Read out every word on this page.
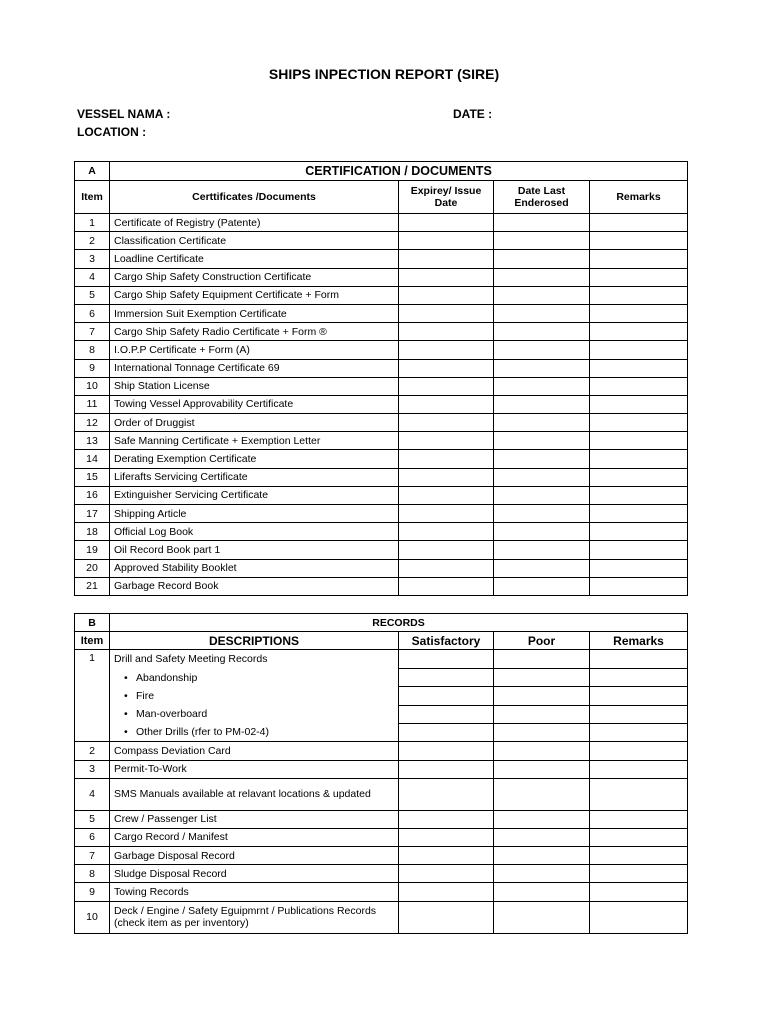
SHIPS INPECTION REPORT (SIRE)
VESSEL NAMA :	DATE :
LOCATION :
A	CERTIFICATION / DOCUMENTS			
Item	Certtificates /Documents	Expirey/ Issue Date	Date Last Enderosed	Remarks
1	Certificate of Registry (Patente)			
2	Classification Certificate			
3	Loadline Certificate			
4	Cargo Ship Safety Construction Certificate			
5	Cargo Ship Safety Equipment Certificate + Form			
6	Immersion Suit Exemption Certificate			
7	Cargo Ship Safety Radio Certificate + Form ®			
8	I.O.P.P Certificate + Form (A)			
9	International Tonnage Certificate 69			
10	Ship Station License			
11	Towing Vessel Approvability Certificate			
12	Order of Druggist			
13	Safe Manning Certificate + Exemption Letter			
14	Derating Exemption Certificate			
15	Liferafts Servicing Certificate			
16	Extinguisher Servicing Certificate			
17	Shipping Article			
18	Official Log Book			
19	Oil Record Book part 1			
20	Approved Stability Booklet			
21	Garbage Record Book			
B	RECORDS			
Item	DESCRIPTIONS	Satisfactory	Poor	Remarks
1	Drill and Safety Meeting Records
• Abandonship
• Fire
• Man-overboard
• Other Drills (rfer to PM-02-4)			

2	Compass Deviation Card			
3	Permit-To-Work			
4	SMS Manuals available at relavant locations & updated			
5	Crew / Passenger List			
6	Cargo Record / Manifest			
7	Garbage Disposal Record			
8	Sludge Disposal Record			
9	Towing Records			
10	Deck / Engine / Safety Eguipmrnt / Publications Records (check item as per inventory)			
